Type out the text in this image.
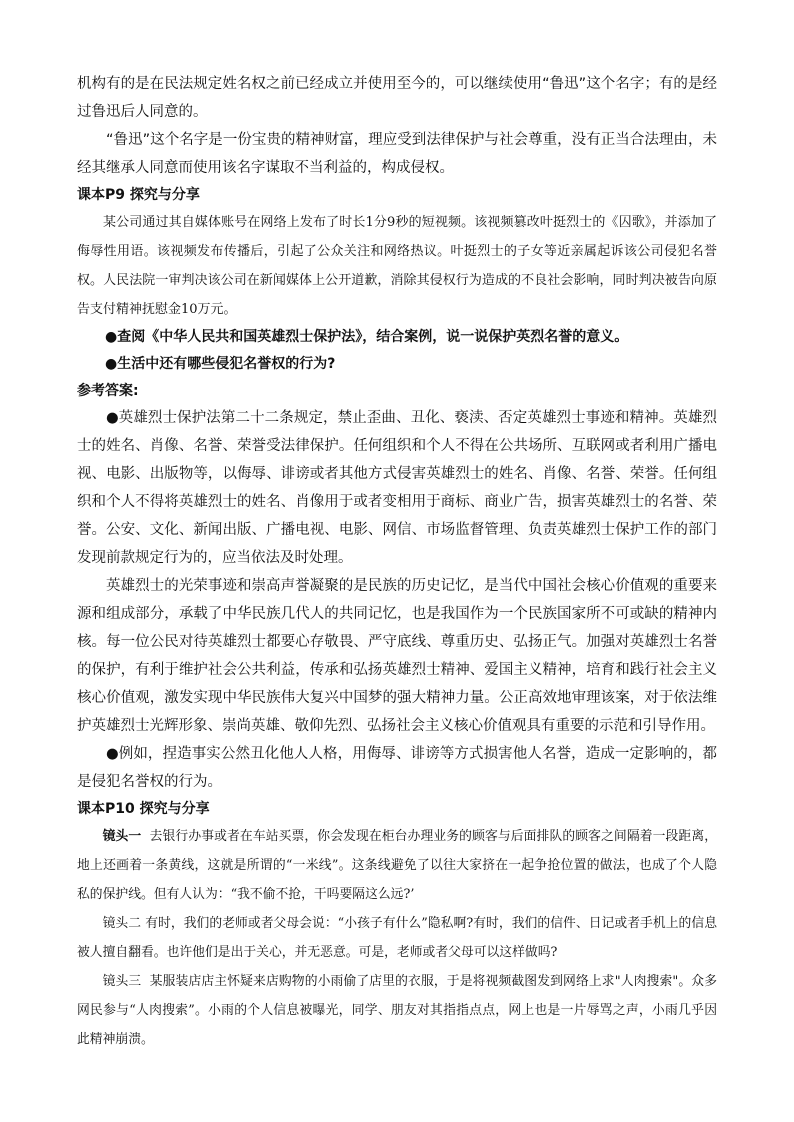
机构有的是在民法规定姓名权之前已经成立并使用至今的，可以继续使用“鲁迅”这个名字；有的是经过鲁迅后人同意的。

“鲁迅”这个名字是一份宝贵的精神财富，理应受到法律保护与社会尊重，没有正当合法理由，未经其继承人同意而使用该名字谋取不当利益的，构成侵权。

课本P9 探究与分享

某公司通过其自媒体账号在网络上发布了时长1分9秒的短视频。该视频篡改叶挺烈士的《囚歌》，并添加了侮辱性用语。该视频发布传播后，引起了公众关注和网络热议。叶挺烈士的子女等近亲属起诉该公司侵犯名誉权。人民法院一审判决该公司在新闻媒体上公开道歉，消除其侵权行为造成的不良社会影响，同时判决被告向原告支付精神抚慰金10万元。

●查阅《中华人民共和国英雄烈士保护法》，结合案例，说一说保护英烈名誉的意义。

●生活中还有哪些侵犯名誉权的行为?

参考答案:

●英雄烈士保护法第二十二条规定，禁止歪曲、丑化、亵渎、否定英雄烈士事迹和精神。英雄烈士的姓名、肖像、名誉、荣誉受法律保护。任何组织和个人不得在公共场所、互联网或者利用广播电视、电影、出版物等，以侮辱、诽谤或者其他方式侵害英雄烈士的姓名、肖像、名誉、荣誉。任何组织和个人不得将英雄烈士的姓名、肖像用于或者变相用于商标、商业广告，损害英雄烈士的名誉、荣誉。公安、文化、新闻出版、广播电视、电影、网信、市场监督管理、负责英雄烈士保护工作的部门发现前款规定行为的，应当依法及时处理。

英雄烈士的光荣事迹和崇高声誉凝聚的是民族的历史记忆，是当代中国社会核心价值观的重要来源和组成部分，承载了中华民族几代人的共同记忆，也是我国作为一个民族国家所不可或缺的精神内核。每一位公民对待英雄烈士都要心存敬畏、严守底线、尊重历史、弘扬正气。加强对英雄烈士名誉的保护，有利于维护社会公共利益，传承和弘扬英雄烈士精神、爱国主义精神，培育和践行社会主义核心价值观，激发实现中华民族伟大复兴中国梦的强大精神力量。公正高效地审理该案，对于依法维护英雄烈士光辉形象、崇尚英雄、敬仰先烈、弘扬社会主义核心价值观具有重要的示范和引导作用。

●例如，捏造事实公然丑化他人人格，用侮辱、诽谤等方式损害他人名誉，造成一定影响的，都是侵犯名誉权的行为。

课本P10 探究与分享

镜头一 去银行办事或者在车站买票，你会发现在柜台办理业务的顾客与后面排队的顾客之间隔着一段距离，地上还画着一条黄线，这就是所谓的“一米线”。这条线避免了以往大家挤在一起争抢位置的做法，也成了个人隐私的保护线。但有人认为：“我不偷不抢，干吗要隔这么远?’

镜头二 有时，我们的老师或者父母会说：“小孩子有什么”隐私啊?有时，我们的信件、日记或者手机上的信息被人擅自翻看。也许他们是出于关心，并无恶意。可是，老师或者父母可以这样做吗?

镜头三 某服装店店主怀疑来店购物的小雨偷了店里的衣服，于是将视频截图发到网络上求"人肉搜索"。众多网民参与“人肉搜索”。小雨的个人信息被曝光，同学、朋友对其指指点点，网上也是一片辱骂之声，小雨几乎因此精神崩溃。
